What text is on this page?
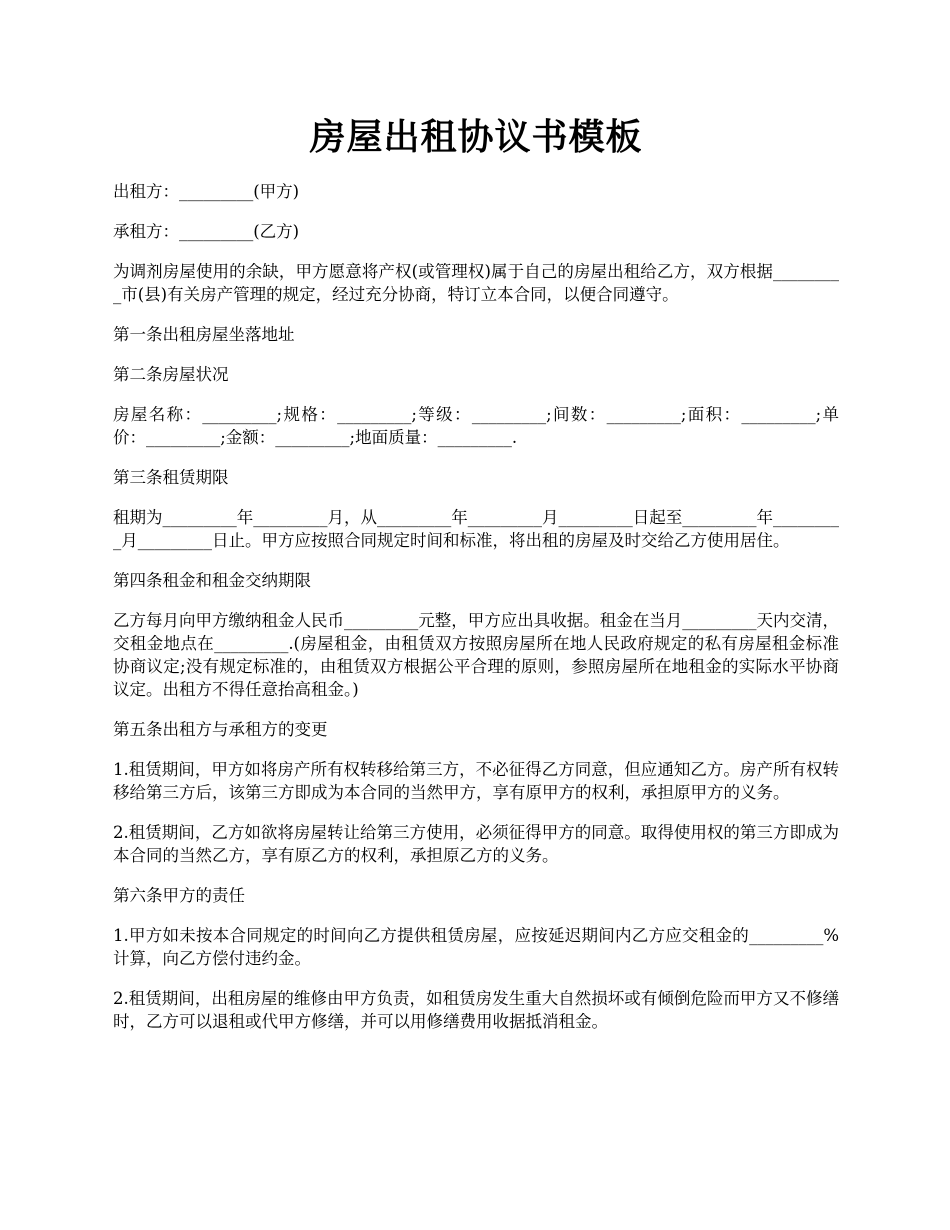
房屋出租协议书模板

出租方：_________(甲方)

承租方：_________(乙方)

为调剂房屋使用的余缺，甲方愿意将产权(或管理权)属于自己的房屋出租给乙方，双方根据_________市(县)有关房产管理的规定，经过充分协商，特订立本合同，以便合同遵守。

第一条出租房屋坐落地址

第二条房屋状况

房屋名称：_________;规格：_________;等级：_________;间数：_________;面积：_________;单价：_________;金额：_________;地面质量：_________.

第三条租赁期限

租期为_________年_________月，从_________年_________月_________日起至_________年_________月_________日止。甲方应按照合同规定时间和标准，将出租的房屋及时交给乙方使用居住。

第四条租金和租金交纳期限

乙方每月向甲方缴纳租金人民币_________元整，甲方应出具收据。租金在当月_________天内交清，交租金地点在_________.(房屋租金，由租赁双方按照房屋所在地人民政府规定的私有房屋租金标准协商议定;没有规定标准的，由租赁双方根据公平合理的原则，参照房屋所在地租金的实际水平协商议定。出租方不得任意抬高租金。)

第五条出租方与承租方的变更

1.租赁期间，甲方如将房产所有权转移给第三方，不必征得乙方同意，但应通知乙方。房产所有权转移给第三方后，该第三方即成为本合同的当然甲方，享有原甲方的权利，承担原甲方的义务。

2.租赁期间，乙方如欲将房屋转让给第三方使用，必须征得甲方的同意。取得使用权的第三方即成为本合同的当然乙方，享有原乙方的权利，承担原乙方的义务。

第六条甲方的责任

1.甲方如未按本合同规定的时间向乙方提供租赁房屋，应按延迟期间内乙方应交租金的_________%计算，向乙方偿付违约金。

2.租赁期间，出租房屋的维修由甲方负责，如租赁房发生重大自然损坏或有倾倒危险而甲方又不修缮时，乙方可以退租或代甲方修缮，并可以用修缮费用收据抵消租金。
